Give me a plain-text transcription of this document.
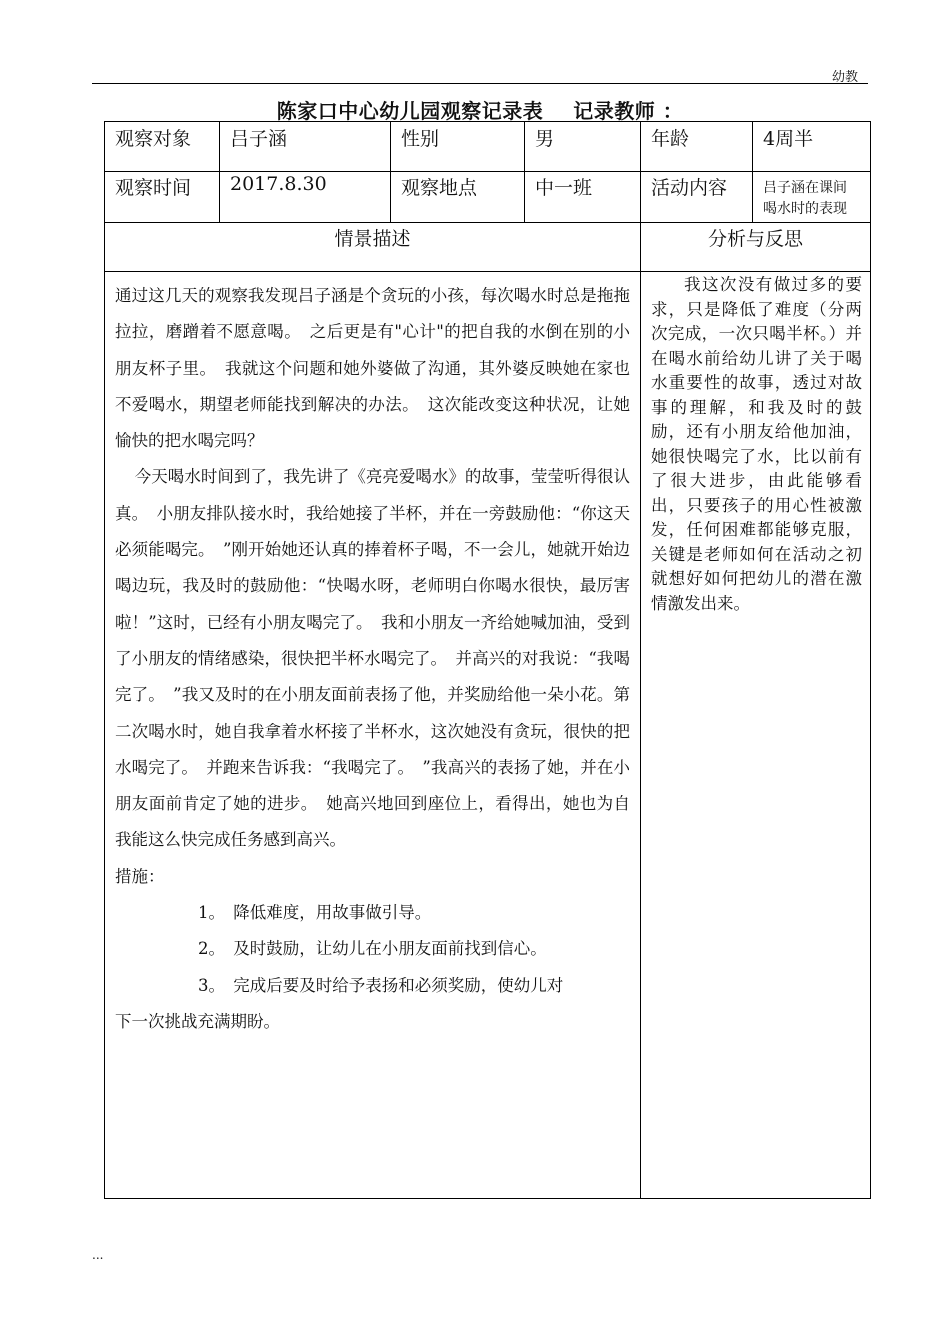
幼教
陈家口中心幼儿园观察记录表 记录教师 ：
观察对象	吕子涵	性别	男	年龄	4周半
观察时间	2017.8.30	观察地点	中一班	活动内容	吕子涵在课间喝水时的表现
情景描述	分析与反思

通过这几天的观察我发现吕子涵是个贪玩的小孩，每次喝水时总是拖拖拉拉，磨蹭着不愿意喝。　之后更是有"心计"的把自我的水倒在别的小朋友杯子里。　我就这个问题和她外婆做了沟通，其外婆反映她在家也不爱喝水，期望老师能找到解决的办法。　这次能改变这种状况，让她愉快的把水喝完吗？

今天喝水时间到了，我先讲了《亮亮爱喝水》的故事，莹莹听得很认真。　小朋友排队接水时，我给她接了半杯，并在一旁鼓励他：“你这天必须能喝完。　”刚开始她还认真的捧着杯子喝，不一会儿，她就开始边喝边玩，我及时的鼓励他：“快喝水呀，老师明白你喝水很快，最厉害啦！”这时，已经有小朋友喝完了。　我和小朋友一齐给她喊加油，受到了小朋友的情绪感染，很快把半杯水喝完了。　并高兴的对我说：“我喝完了。　”我又及时的在小朋友面前表扬了他，并奖励给他一朵小花。第二次喝水时，她自我拿着水杯接了半杯水，这次她没有贪玩，很快的把水喝完了。　并跑来告诉我：“我喝完了。　”我高兴的表扬了她，并在小朋友面前肯定了她的进步。　她高兴地回到座位上，看得出，她也为自我能这么快完成任务感到高兴。

措施：

1。　降低难度，用故事做引导。

2。　及时鼓励，让幼儿在小朋友面前找到信心。

3。　完成后要及时给予表扬和必须奖励，使幼儿对

下一次挑战充满期盼。

我这次没有做过多的要求，只是降低了难度（分两次完成，一次只喝半杯。）并在喝水前给幼儿讲了关于喝水重要性的故事，透过对故事的理解，和我及时的鼓励，还有小朋友给他加油，她很快喝完了水，比以前有了很大进步，由此能够看出，只要孩子的用心性被激发，任何困难都能够克服，关键是老师如何在活动之初就想好如何把幼儿的潜在激情激发出来。

...
